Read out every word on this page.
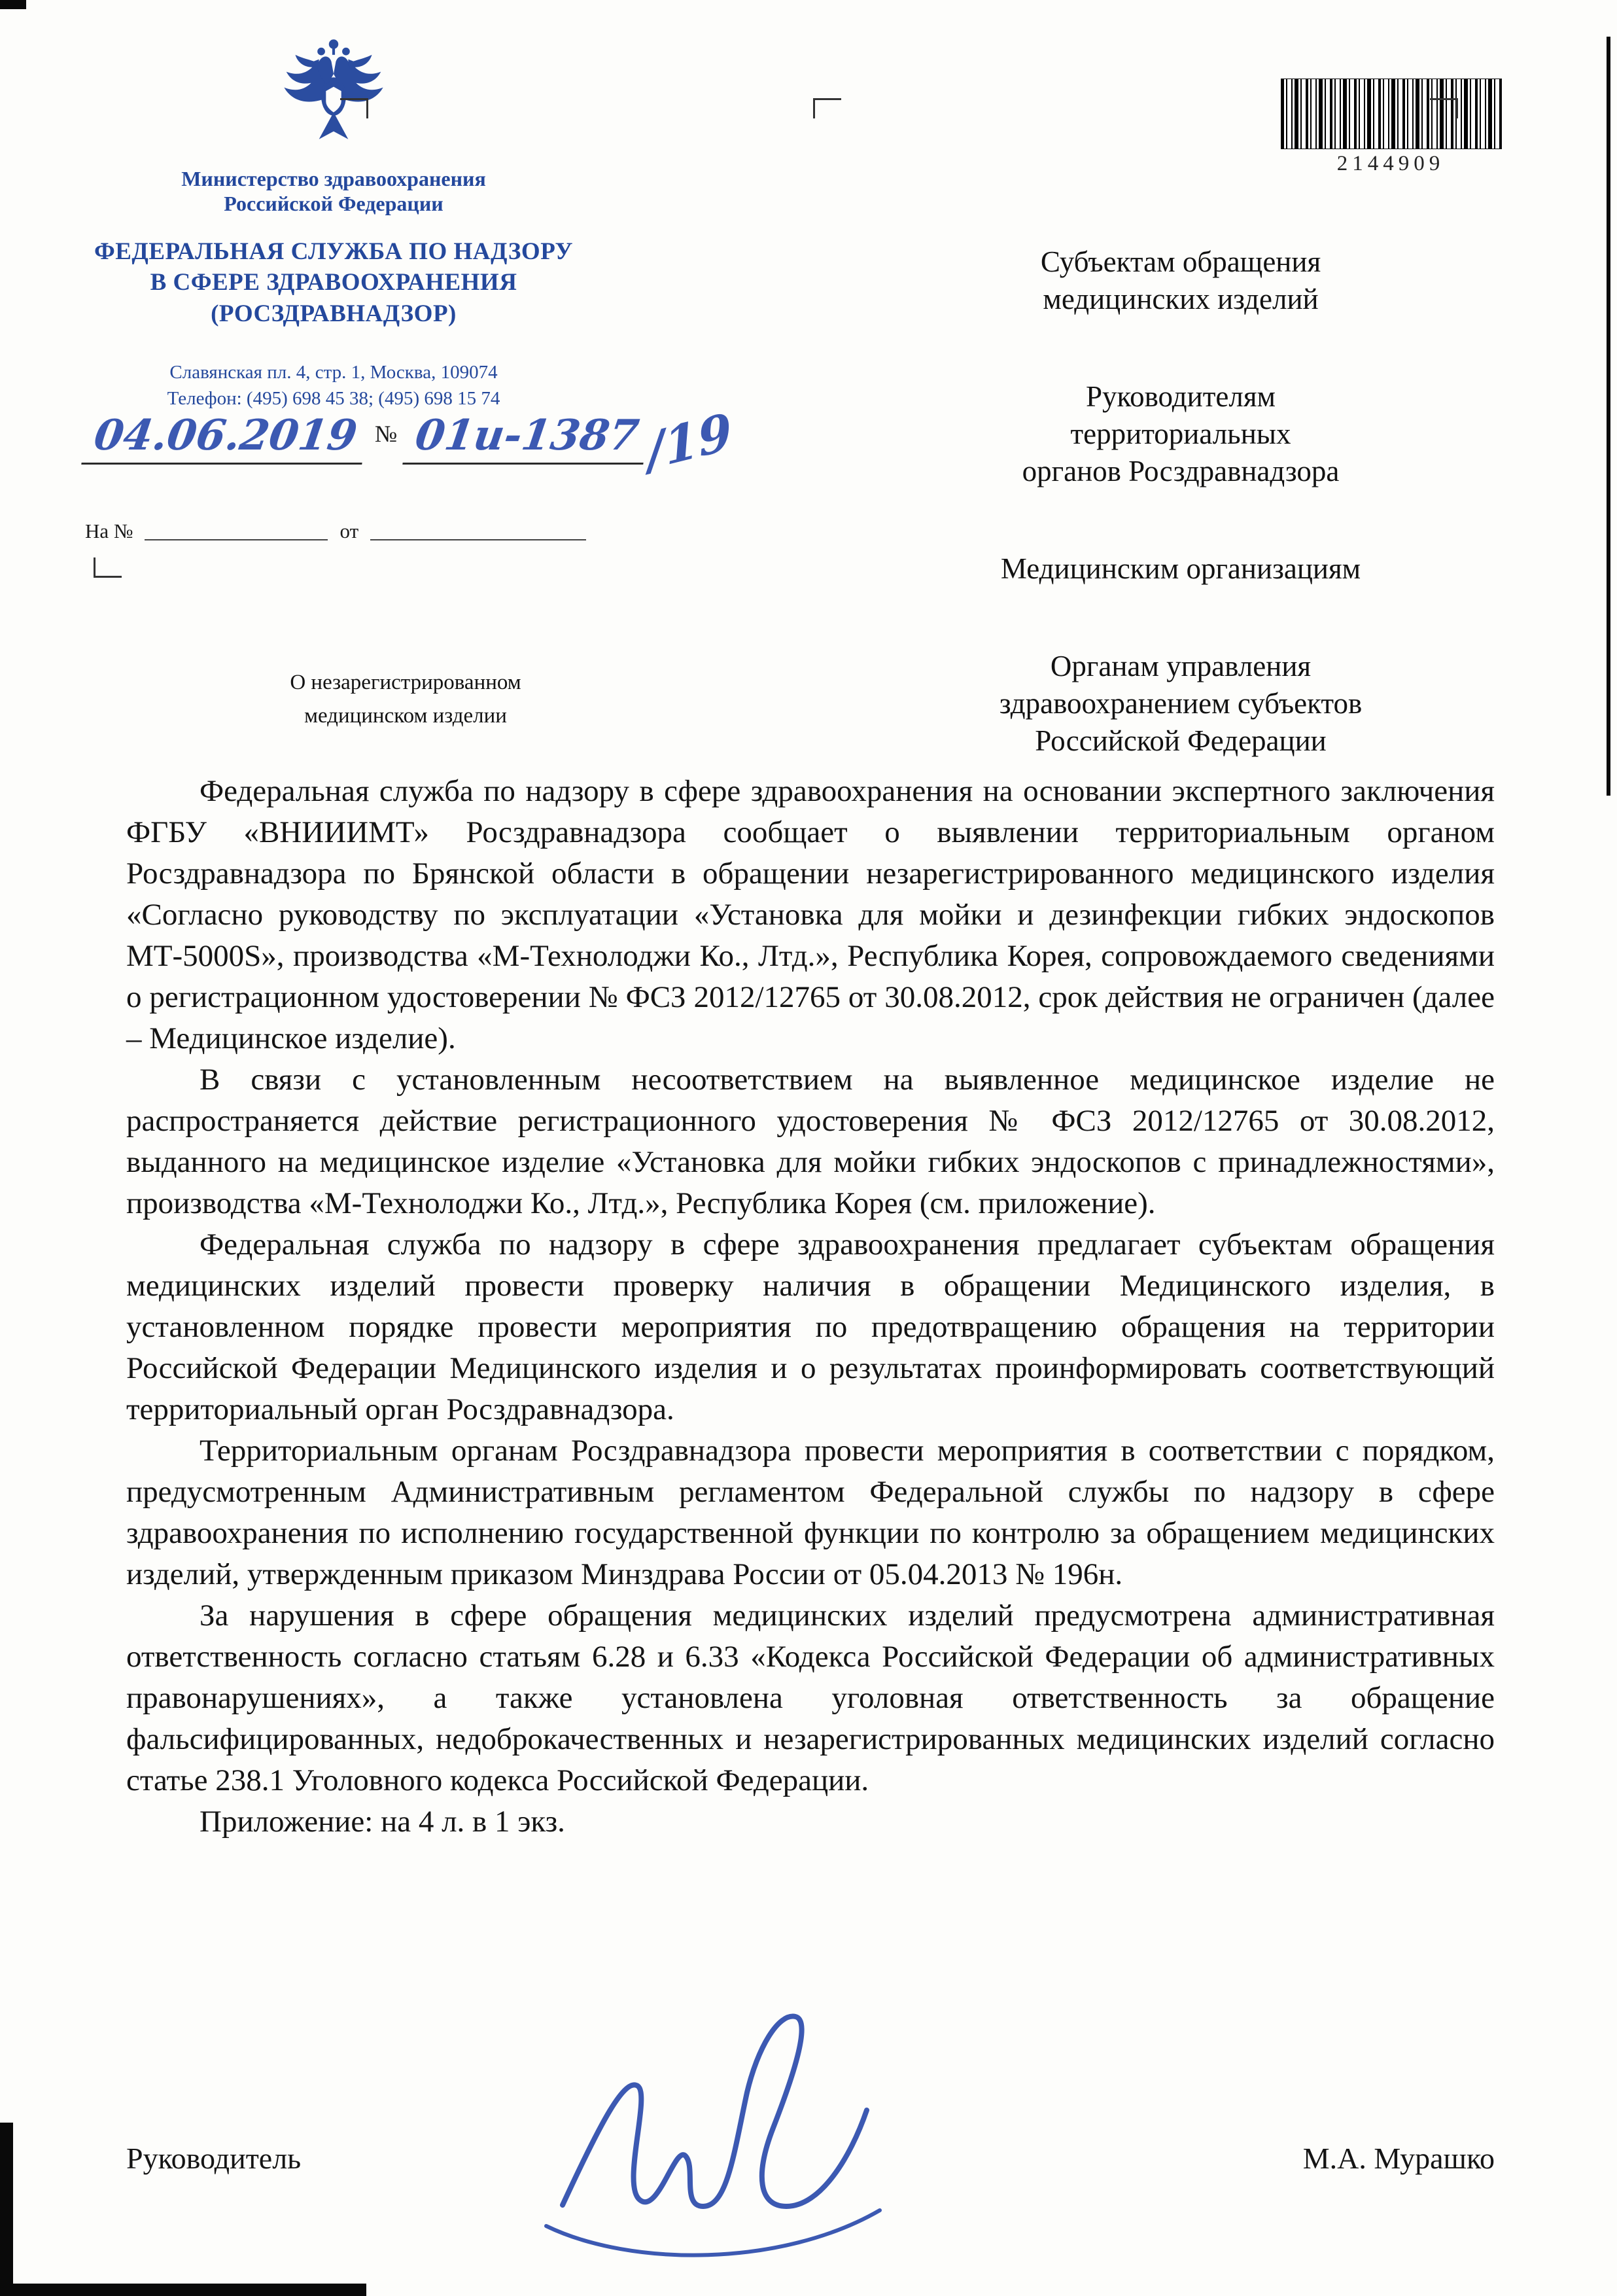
Министерство здравоохранения
Российской Федерации
ФЕДЕРАЛЬНАЯ СЛУЖБА ПО НАДЗОРУ
В СФЕРЕ ЗДРАВООХРАНЕНИЯ
(РОСЗДРАВНАДЗОР)
Славянская пл. 4, стр. 1, Москва, 109074
Телефон: (495) 698 45 38; (495) 698 15 74
04.06.2019 № 01и-1387 /19
На №	от
2144909
Субъектам обращения
медицинских изделий
Руководителям
территориальных
органов Росздравнадзора
Медицинским организациям
Органам управления
здравоохранением субъектов
Российской Федерации
О незарегистрированном
медицинском изделии

Федеральная служба по надзору в сфере здравоохранения на основании экспертного заключения ФГБУ «ВНИИИМТ» Росздравнадзора сообщает о выявлении территориальным органом Росздравнадзора по Брянской области в обращении незарегистрированного медицинского изделия «Согласно руководству по эксплуатации «Установка для мойки и дезинфекции гибких эндоскопов МТ-5000S», производства «М-Технолоджи Ко., Лтд.», Республика Корея, сопровождаемого сведениями о регистрационном удостоверении № ФСЗ 2012/12765 от 30.08.2012, срок действия не ограничен (далее – Медицинское изделие).

В связи с установленным несоответствием на выявленное медицинское изделие не распространяется действие регистрационного удостоверения № ФСЗ 2012/12765 от 30.08.2012, выданного на медицинское изделие «Установка для мойки гибких эндоскопов с принадлежностями», производства «М-Технолоджи Ко., Лтд.», Республика Корея (см. приложение).

Федеральная служба по надзору в сфере здравоохранения предлагает субъектам обращения медицинских изделий провести проверку наличия в обращении Медицинского изделия, в установленном порядке провести мероприятия по предотвращению обращения на территории Российской Федерации Медицинского изделия и о результатах проинформировать соответствующий территориальный орган Росздравнадзора.

Территориальным органам Росздравнадзора провести мероприятия в соответствии с порядком, предусмотренным Административным регламентом Федеральной службы по надзору в сфере здравоохранения по исполнению государственной функции по контролю за обращением медицинских изделий, утвержденным приказом Минздрава России от 05.04.2013 № 196н.

За нарушения в сфере обращения медицинских изделий предусмотрена административная ответственность согласно статьям 6.28 и 6.33 «Кодекса Российской Федерации об административных правонарушениях», а также установлена уголовная ответственность за обращение фальсифицированных, недоброкачественных и незарегистрированных медицинских изделий согласно статье 238.1 Уголовного кодекса Российской Федерации.

Приложение: на 4 л. в 1 экз.

Руководитель	М.А. Мурашко
